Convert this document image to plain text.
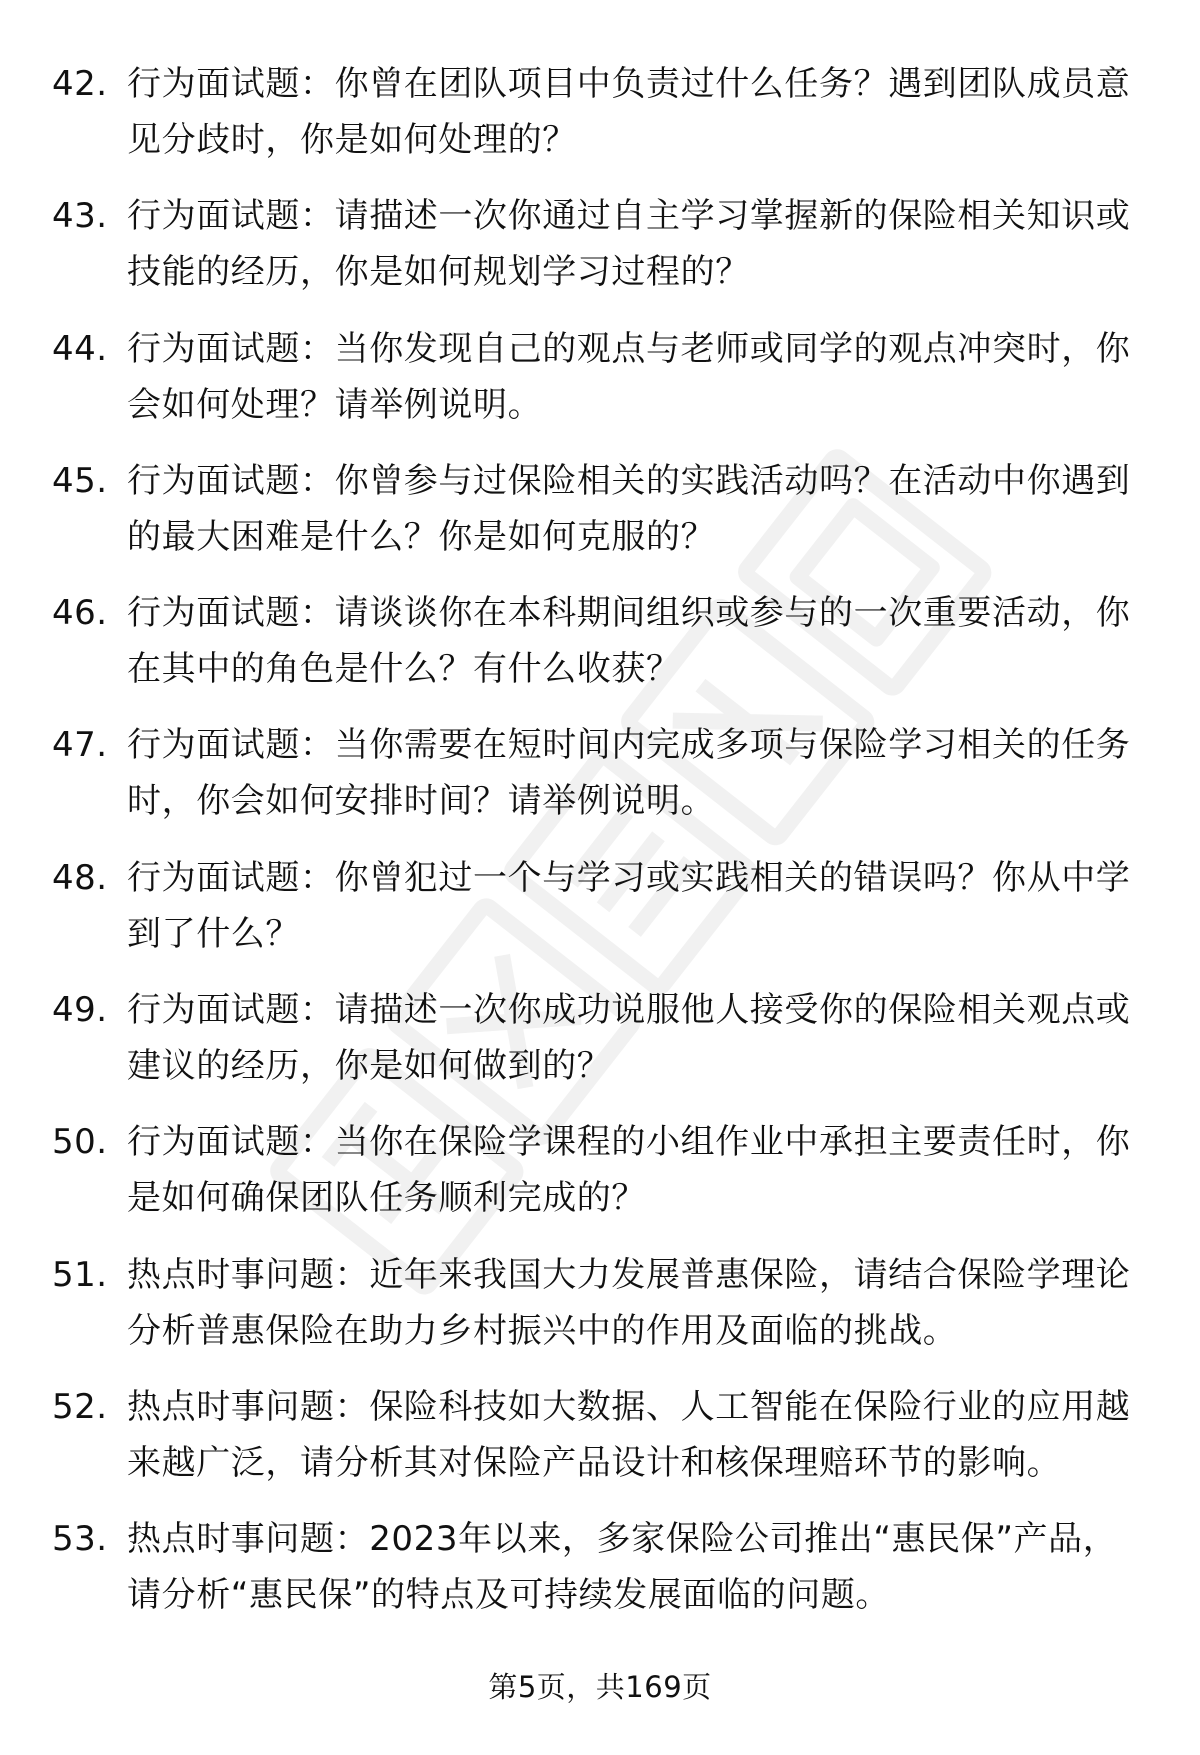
42. 行为面试题：你曾在团队项目中负责过什么任务？遇到团队成员意见分歧时，你是如何处理的？
43. 行为面试题：请描述一次你通过自主学习掌握新的保险相关知识或技能的经历，你是如何规划学习过程的？
44. 行为面试题：当你发现自己的观点与老师或同学的观点冲突时，你会如何处理？请举例说明。
45. 行为面试题：你曾参与过保险相关的实践活动吗？在活动中你遇到的最大困难是什么？你是如何克服的？
46. 行为面试题：请谈谈你在本科期间组织或参与的一次重要活动，你在其中的角色是什么？有什么收获？
47. 行为面试题：当你需要在短时间内完成多项与保险学习相关的任务时，你会如何安排时间？请举例说明。
48. 行为面试题：你曾犯过一个与学习或实践相关的错误吗？你从中学到了什么？
49. 行为面试题：请描述一次你成功说服他人接受你的保险相关观点或建议的经历，你是如何做到的？
50. 行为面试题：当你在保险学课程的小组作业中承担主要责任时，你是如何确保团队任务顺利完成的？
51. 热点时事问题：近年来我国大力发展普惠保险，请结合保险学理论分析普惠保险在助力乡村振兴中的作用及面临的挑战。
52. 热点时事问题：保险科技如大数据、人工智能在保险行业的应用越来越广泛，请分析其对保险产品设计和核保理赔环节的影响。
53. 热点时事问题：2023年以来，多家保险公司推出“惠民保”产品，请分析“惠民保”的特点及可持续发展面临的问题。
第5页，共169页
